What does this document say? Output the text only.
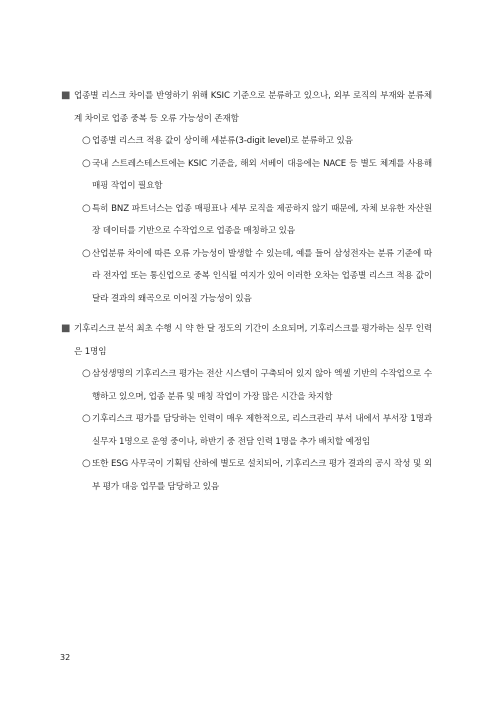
■ 업종별 리스크 차이를 반영하기 위해 KSIC 기준으로 분류하고 있으나, 외부 로직의 부재와 분류체계 차이로 업종 중복 등 오류 가능성이 존재함
○ 업종별 리스크 적용 값이 상이해 세분류(3-digit level)로 분류하고 있음
○ 국내 스트레스테스트에는 KSIC 기준을, 해외 서베이 대응에는 NACE 등 별도 체계를 사용해 매핑 작업이 필요함
○ 특히 BNZ 파트너스는 업종 매핑표나 세부 로직을 제공하지 않기 때문에, 자체 보유한 자산원장 데이터를 기반으로 수작업으로 업종을 매칭하고 있음
○ 산업분류 차이에 따른 오류 가능성이 발생할 수 있는데, 예를 들어 삼성전자는 분류 기준에 따라 전자업 또는 통신업으로 중복 인식될 여지가 있어 이러한 오차는 업종별 리스크 적용 값이 달라 결과의 왜곡으로 이어질 가능성이 있음
■ 기후리스크 분석 최초 수행 시 약 한 달 정도의 기간이 소요되며, 기후리스크를 평가하는 실무 인력은 1명임
○ 삼성생명의 기후리스크 평가는 전산 시스템이 구축되어 있지 않아 엑셀 기반의 수작업으로 수행하고 있으며, 업종 분류 및 매칭 작업이 가장 많은 시간을 차지함
○ 기후리스크 평가를 담당하는 인력이 매우 제한적으로, 리스크관리 부서 내에서 부서장 1명과 실무자 1명으로 운영 중이나, 하반기 중 전담 인력 1명을 추가 배치할 예정임
○ 또한 ESG 사무국이 기획팀 산하에 별도로 설치되어, 기후리스크 평가 결과의 공시 작성 및 외부 평가 대응 업무를 담당하고 있음
32
